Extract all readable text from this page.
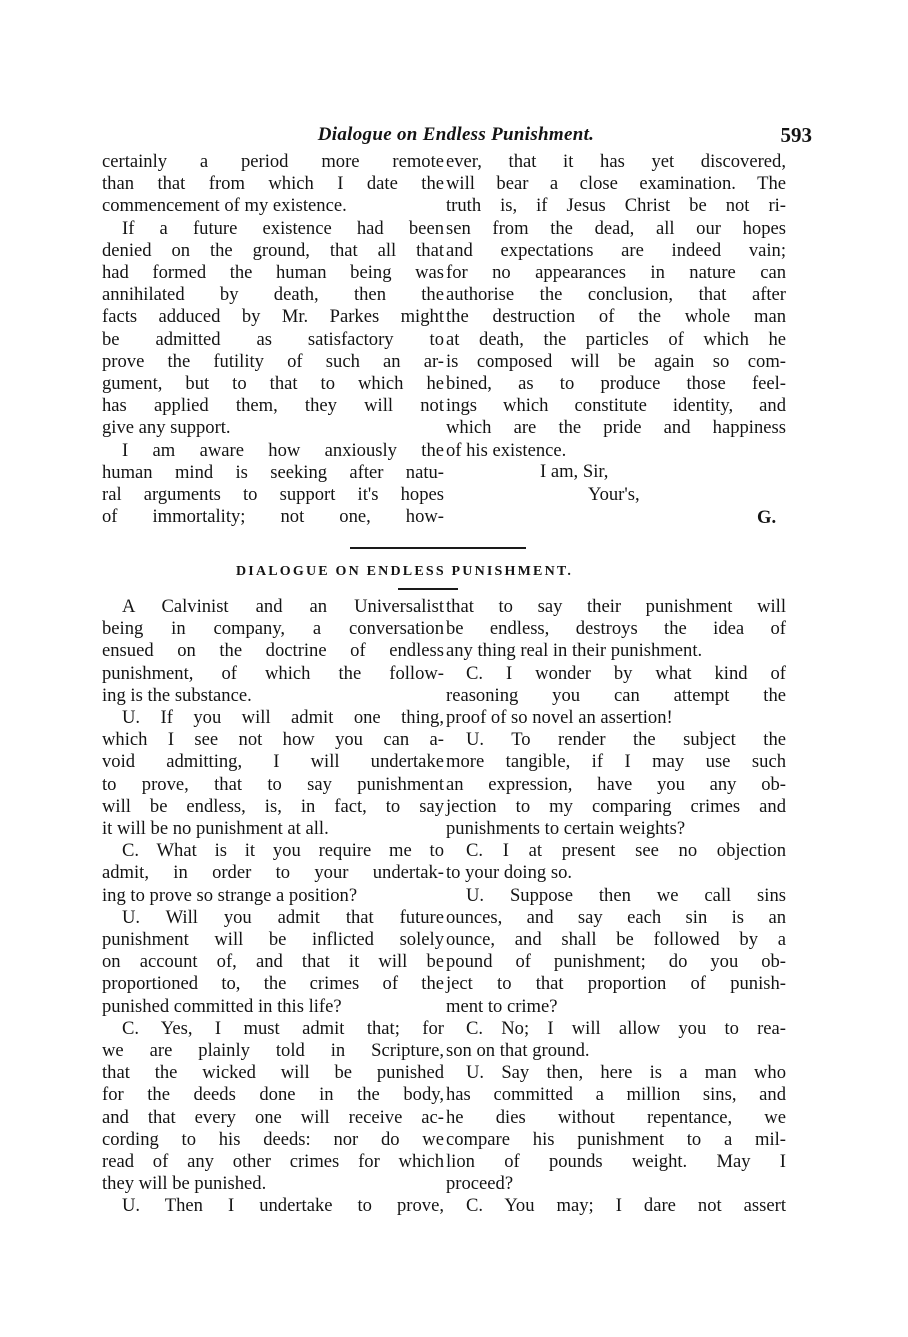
Dialogue on Endless Punishment.	593
certainly a period more remote
than that from which I date the
commencement of my existence.
If a future existence had been
denied on the ground, that all that
had formed the human being was
annihilated by death, then the
facts adduced by Mr. Parkes might
be admitted as satisfactory to
prove the futility of such an ar-
gument, but to that to which he
has applied them, they will not
give any support.
I am aware how anxiously the
human mind is seeking after natu-
ral arguments to support it's hopes
of immortality; not one, how-
ever, that it has yet discovered,
will bear a close examination. The
truth is, if Jesus Christ be not ri-
sen from the dead, all our hopes
and expectations are indeed vain;
for no appearances in nature can
authorise the conclusion, that after
the destruction of the whole man
at death, the particles of which he
is composed will be again so com-
bined, as to produce those feel-
ings which constitute identity, and
which are the pride and happiness
of his existence.
I am, Sir,
Your's,
G.
DIALOGUE ON ENDLESS PUNISHMENT.
A Calvinist and an Universalist
being in company, a conversation
ensued on the doctrine of endless
punishment, of which the follow-
ing is the substance.
U. If you will admit one thing,
which I see not how you can a-
void admitting, I will undertake
to prove, that to say punishment
will be endless, is, in fact, to say
it will be no punishment at all.
C. What is it you require me to
admit, in order to your undertak-
ing to prove so strange a position?
U. Will you admit that future
punishment will be inflicted solely
on account of, and that it will be
proportioned to, the crimes of the
punished committed in this life?
C. Yes, I must admit that; for
we are plainly told in Scripture,
that the wicked will be punished
for the deeds done in the body,
and that every one will receive ac-
cording to his deeds: nor do we
read of any other crimes for which
they will be punished.
U. Then I undertake to prove,
that to say their punishment will
be endless, destroys the idea of
any thing real in their punishment.
C. I wonder by what kind of
reasoning you can attempt the
proof of so novel an assertion!
U. To render the subject the
more tangible, if I may use such
an expression, have you any ob-
jection to my comparing crimes and
punishments to certain weights?
C. I at present see no objection
to your doing so.
U. Suppose then we call sins
ounces, and say each sin is an
ounce, and shall be followed by a
pound of punishment; do you ob-
ject to that proportion of punish-
ment to crime?
C. No; I will allow you to rea-
son on that ground.
U. Say then, here is a man who
has committed a million sins, and
he dies without repentance, we
compare his punishment to a mil-
lion of pounds weight. May I
proceed?
C. You may; I dare not assert
